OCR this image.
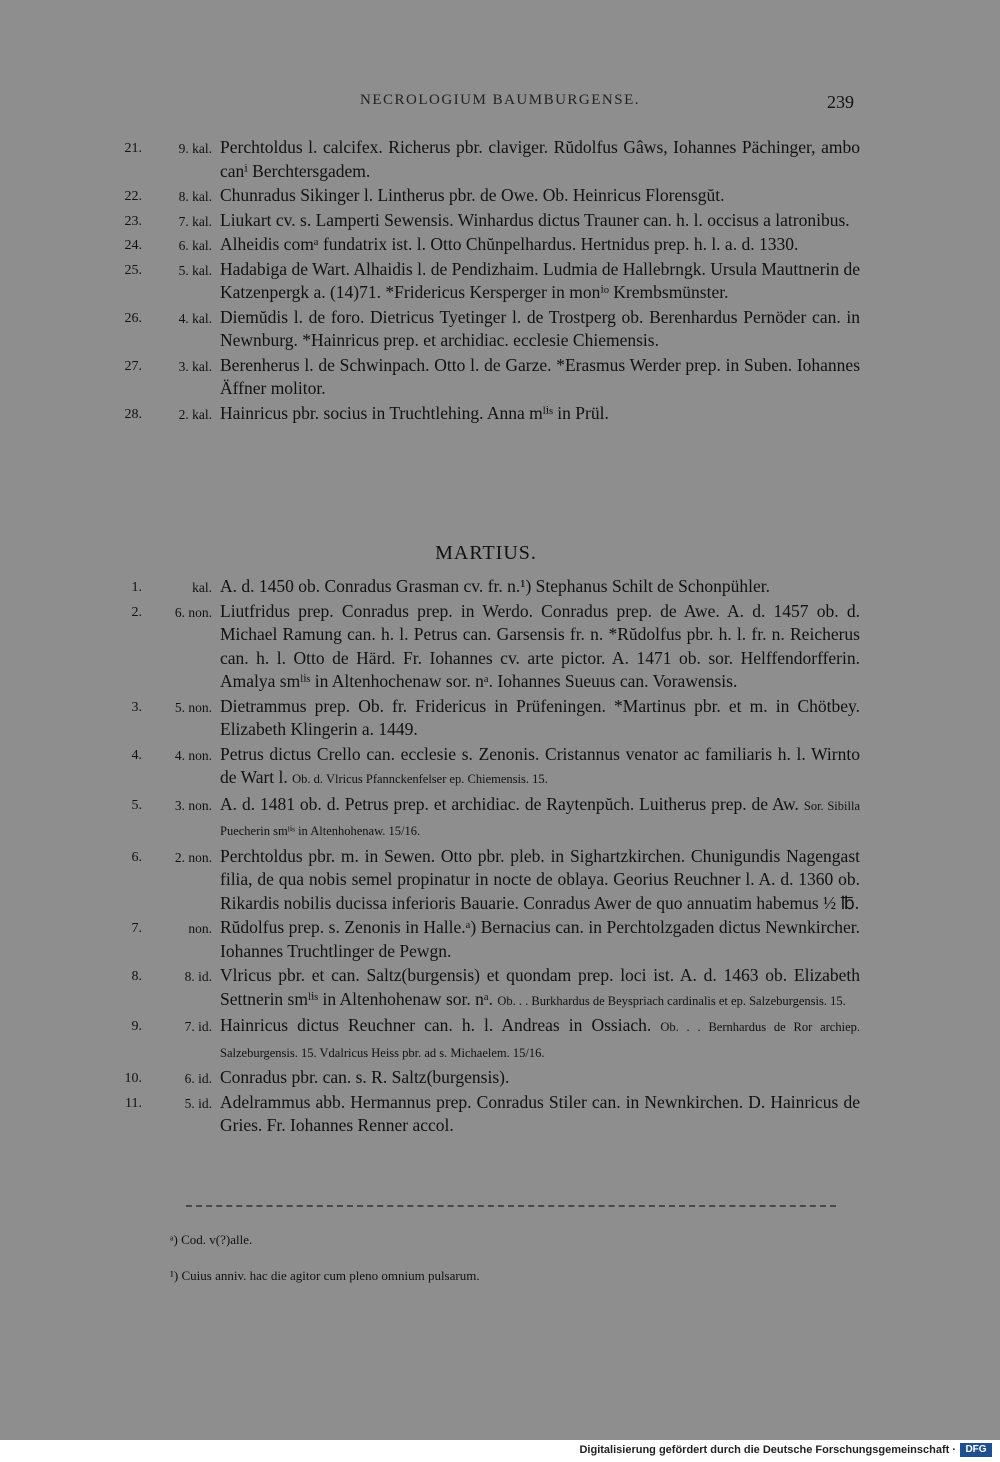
NECROLOGIUM BAUMBURGENSE.	239
21.	9. kal. Perchtoldus l. calcifex. Richerus pbr. claviger. Rŭdolfus Gâws, Iohannes Pächinger, ambo canⁱ Berchtersgadem.
22.	8. kal. Chunradus Sikinger l. Lintherus pbr. de Owe. Ob. Heinricus Florensgŭt.
23.	7. kal. Liukart cv. s. Lamperti Sewensis. Winhardus dictus Trauner can. h. l. occisus a latronibus.
24.	6. kal. Alheidis comᵃ fundatrix ist. l. Otto Chŭnpelhardus. Hertnidus prep. h. l. a. d. 1330.
25.	5. kal. Hadabiga de Wart. Alhaidis l. de Pendizhaim. Ludmia de Hallebrngk. Ursula Mauttnerin de Katzenpergk a. (14)71. *Fridericus Kersperger in monⁱᵒ Krembsmünster.
26.	4. kal. Diemŭdis l. de foro. Dietricus Tyetinger l. de Trostperg ob. Berenhardus Pernöder can. in Newnburg. *Hainricus prep. et archidiac. ecclesie Chiemensis.
27.	3. kal. Berenherus l. de Schwinpach. Otto l. de Garze. *Erasmus Werder prep. in Suben. Iohannes Äffner molitor.
28.	2. kal. Hainricus pbr. socius in Truchtlehing. Anna mˡⁱˢ in Prül.
MARTIUS.
1.	kal. A. d. 1450 ob. Conradus Grasman cv. fr. n.¹) Stephanus Schilt de Schonpühler.
2.	6. non. Liutfridus prep. Conradus prep. in Werdo. Conradus prep. de Awe. A. d. 1457 ob. d. Michael Ramung can. h. l. Petrus can. Garsensis fr. n. *Rŭdolfus pbr. h. l. fr. n. Reicherus can. h. l. Otto de Härd. Fr. Iohannes cv. arte pictor. A. 1471 ob. sor. Helffendorfferin. Amalya smˡⁱˢ in Altenhochenaw sor. nᵃ. Iohannes Sueuus can. Vorawensis.
3.	5. non. Dietrammus prep. Ob. fr. Fridericus in Prüfeningen. *Martinus pbr. et m. in Chötbey. Elizabeth Klingerin a. 1449.
4.	4. non. Petrus dictus Crello can. ecclesie s. Zenonis. Cristannus venator ac familiaris h. l. Wirnto de Wart l. Ob. d. Vlricus Pfannckenfelser ep. Chiemensis. 15.
5.	3. non. A. d. 1481 ob. d. Petrus prep. et archidiac. de Raytenpŭch. Luitherus prep. de Aw. Sor. Sibilla Puecherin smˡⁱˢ in Altenhohenaw. 15/16.
6.	2. non. Perchtoldus pbr. m. in Sewen. Otto pbr. pleb. in Sighartzkirchen. Chunigundis Nagengast filia, de qua nobis semel propinatur in nocte de oblaya. Georius Reuchner l. A. d. 1360 ob. Rikardis nobilis ducissa inferioris Bauarie. Conradus Awer de quo annuatim habemus ½ ℔.
7.	non. Rŭdolfus prep. s. Zenonis in Halle.ᵃ) Bernacius can. in Perchtolzgaden dictus Newnkircher. Iohannes Truchtlinger de Pewgn.
8.	8. id. Vlricus pbr. et can. Saltz(burgensis) et quondam prep. loci ist. A. d. 1463 ob. Elizabeth Settnerin smˡⁱˢ in Altenhohenaw sor. nᵃ. Ob. . . Burkhardus de Beyspriach cardinalis et ep. Salzeburgensis. 15.
9.	7. id. Hainricus dictus Reuchner can. h. l. Andreas in Ossiach. Ob. . . Bernhardus de Ror archiep. Salzeburgensis. 15. Vdalricus Heiss pbr. ad s. Michaelem. 15/16.
10.	6. id. Conradus pbr. can. s. R. Saltz(burgensis).
11.	5. id. Adelrammus abb. Hermannus prep. Conradus Stiler can. in Newnkirchen. D. Hainricus de Gries. Fr. Iohannes Renner accol.
ᵃ) Cod. v(?)alle.
¹) Cuius anniv. hac die agitor cum pleno omnium pulsarum.
Digitalisierung gefördert durch die Deutsche Forschungsgemeinschaft · DFG
